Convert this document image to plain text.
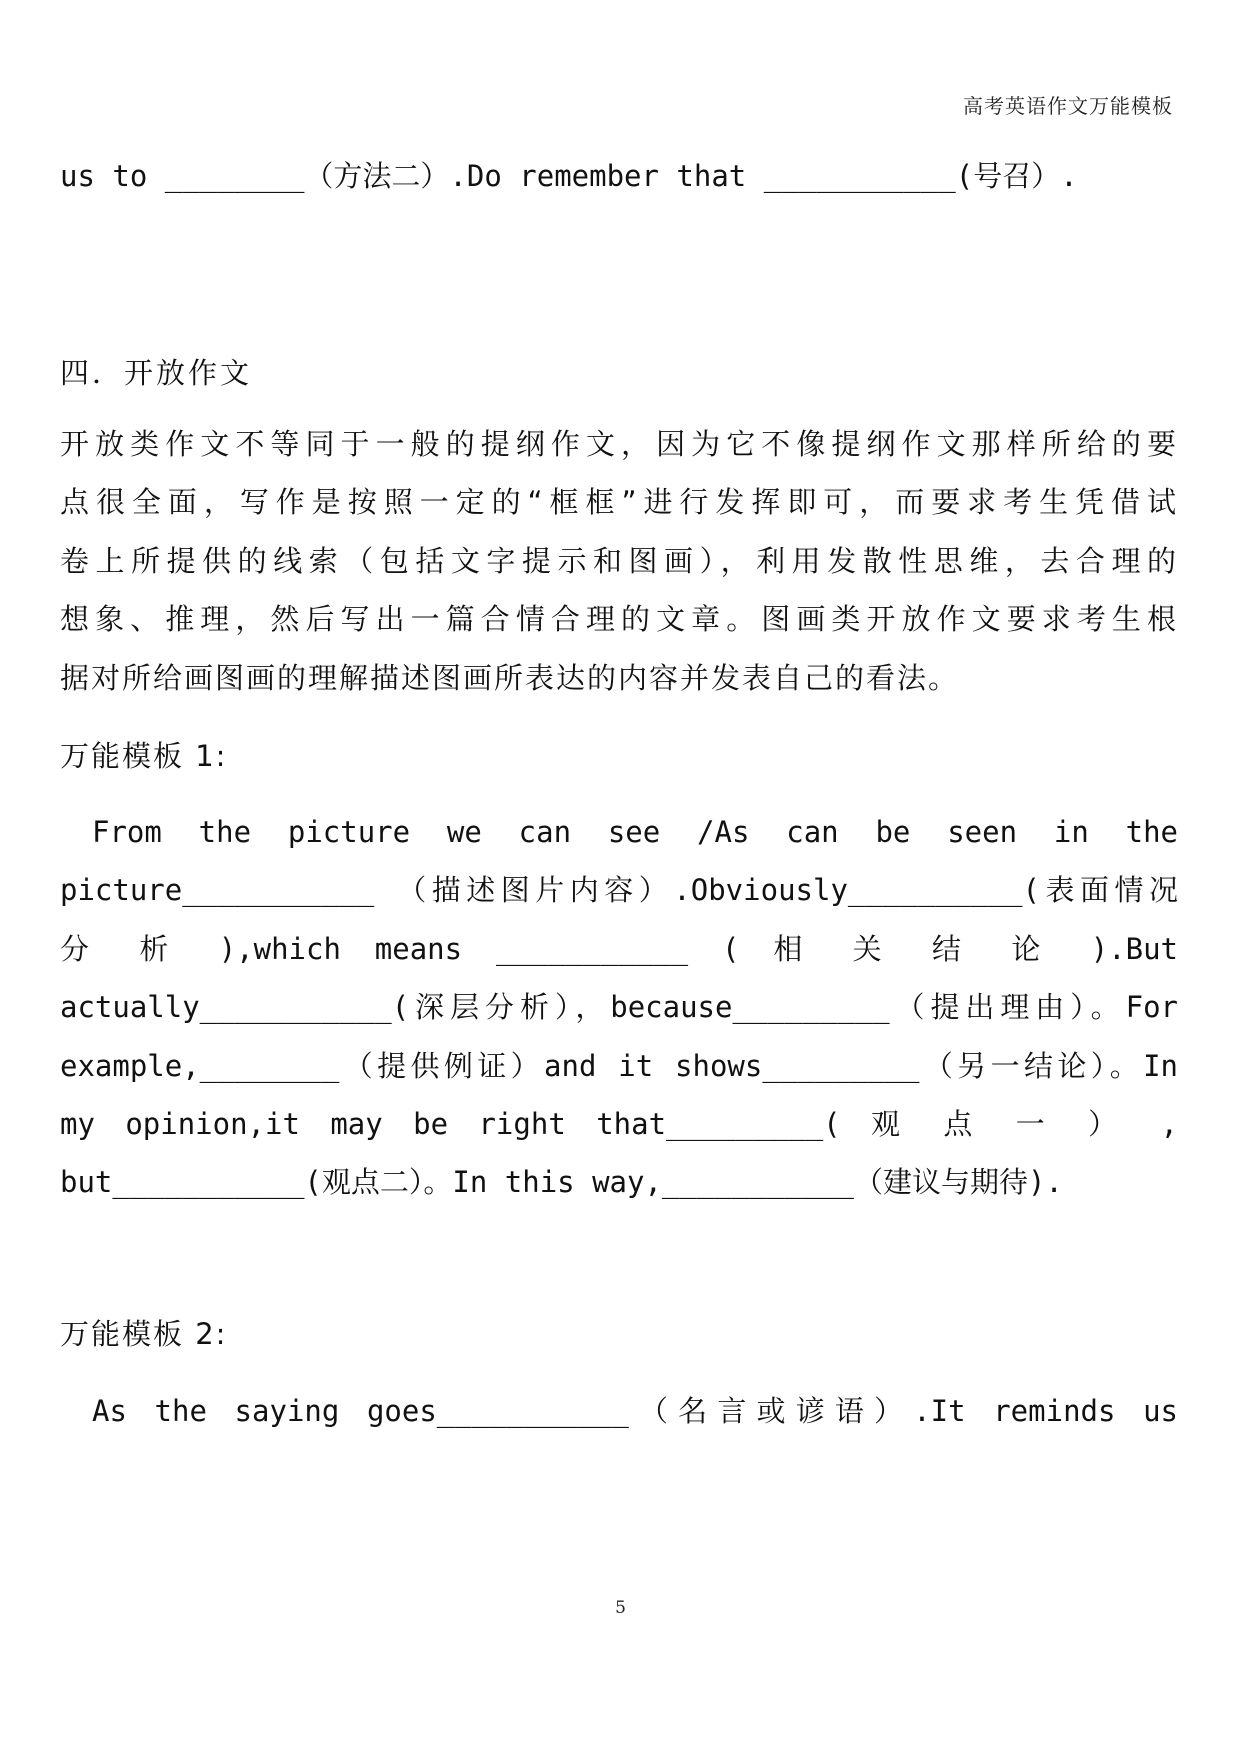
高考英语作文万能模板
us to ________（方法二）.Do remember that ___________(号召）.
四．开放作文
开放类作文不等同于一般的提纲作文，因为它不像提纲作文那样所给的要
点很全面，写作是按照一定的“框框”进行发挥即可，而要求考生凭借试
卷上所提供的线索（包括文字提示和图画），利用发散性思维，去合理的
想象、推理，然后写出一篇合情合理的文章。图画类开放作文要求考生根
据对所给画图画的理解描述图画所表达的内容并发表自己的看法。
万能模板 1:
From the picture we can see /As can be seen in the
picture___________ （描述图片内容）.Obviously__________(表面情况
分 析 ),which means ___________ ( 相 关 结 论 ).But
actually___________(深层分析），because_________（提出理由）。For
example,________（提供例证）and it shows_________（另一结论）。In
my opinion,it may be right that_________( 观 点 一 ） ,
but___________(观点二）。In this way,___________（建议与期待).
万能模板 2:
As the saying goes___________（名言或谚语）.It reminds us
5
